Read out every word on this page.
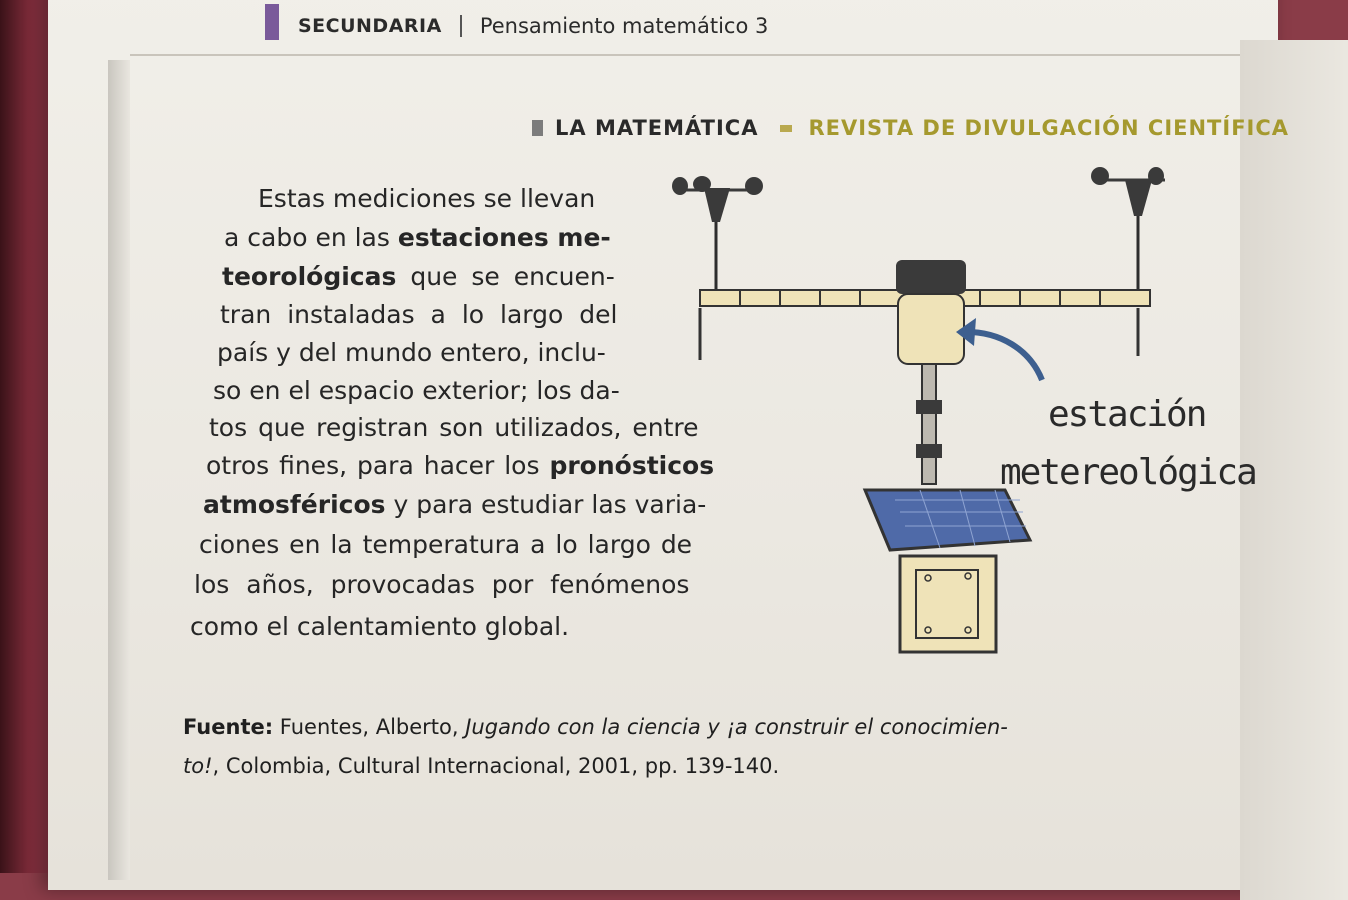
SECUNDARIA Pensamiento matemático 3
LA MATEMÁTICA REVISTA DE DIVULGACIÓN CIENTÍFICA
Estas mediciones se llevan
a cabo en las estaciones me-
teorológicas que se encuen-
tran instaladas a lo largo del
país y del mundo entero, inclu-
so en el espacio exterior; los da-
tos que registran son utilizados, entre
otros fines, para hacer los pronósticos
atmosféricos y para estudiar las varia-
ciones en la temperatura a lo largo de
los años, provocadas por fenómenos
como el calentamiento global.
estación
metereológica
Fuente: Fuentes, Alberto, Jugando con la ciencia y ¡a construir el conocimien-
to!, Colombia, Cultural Internacional, 2001, pp. 139-140.
